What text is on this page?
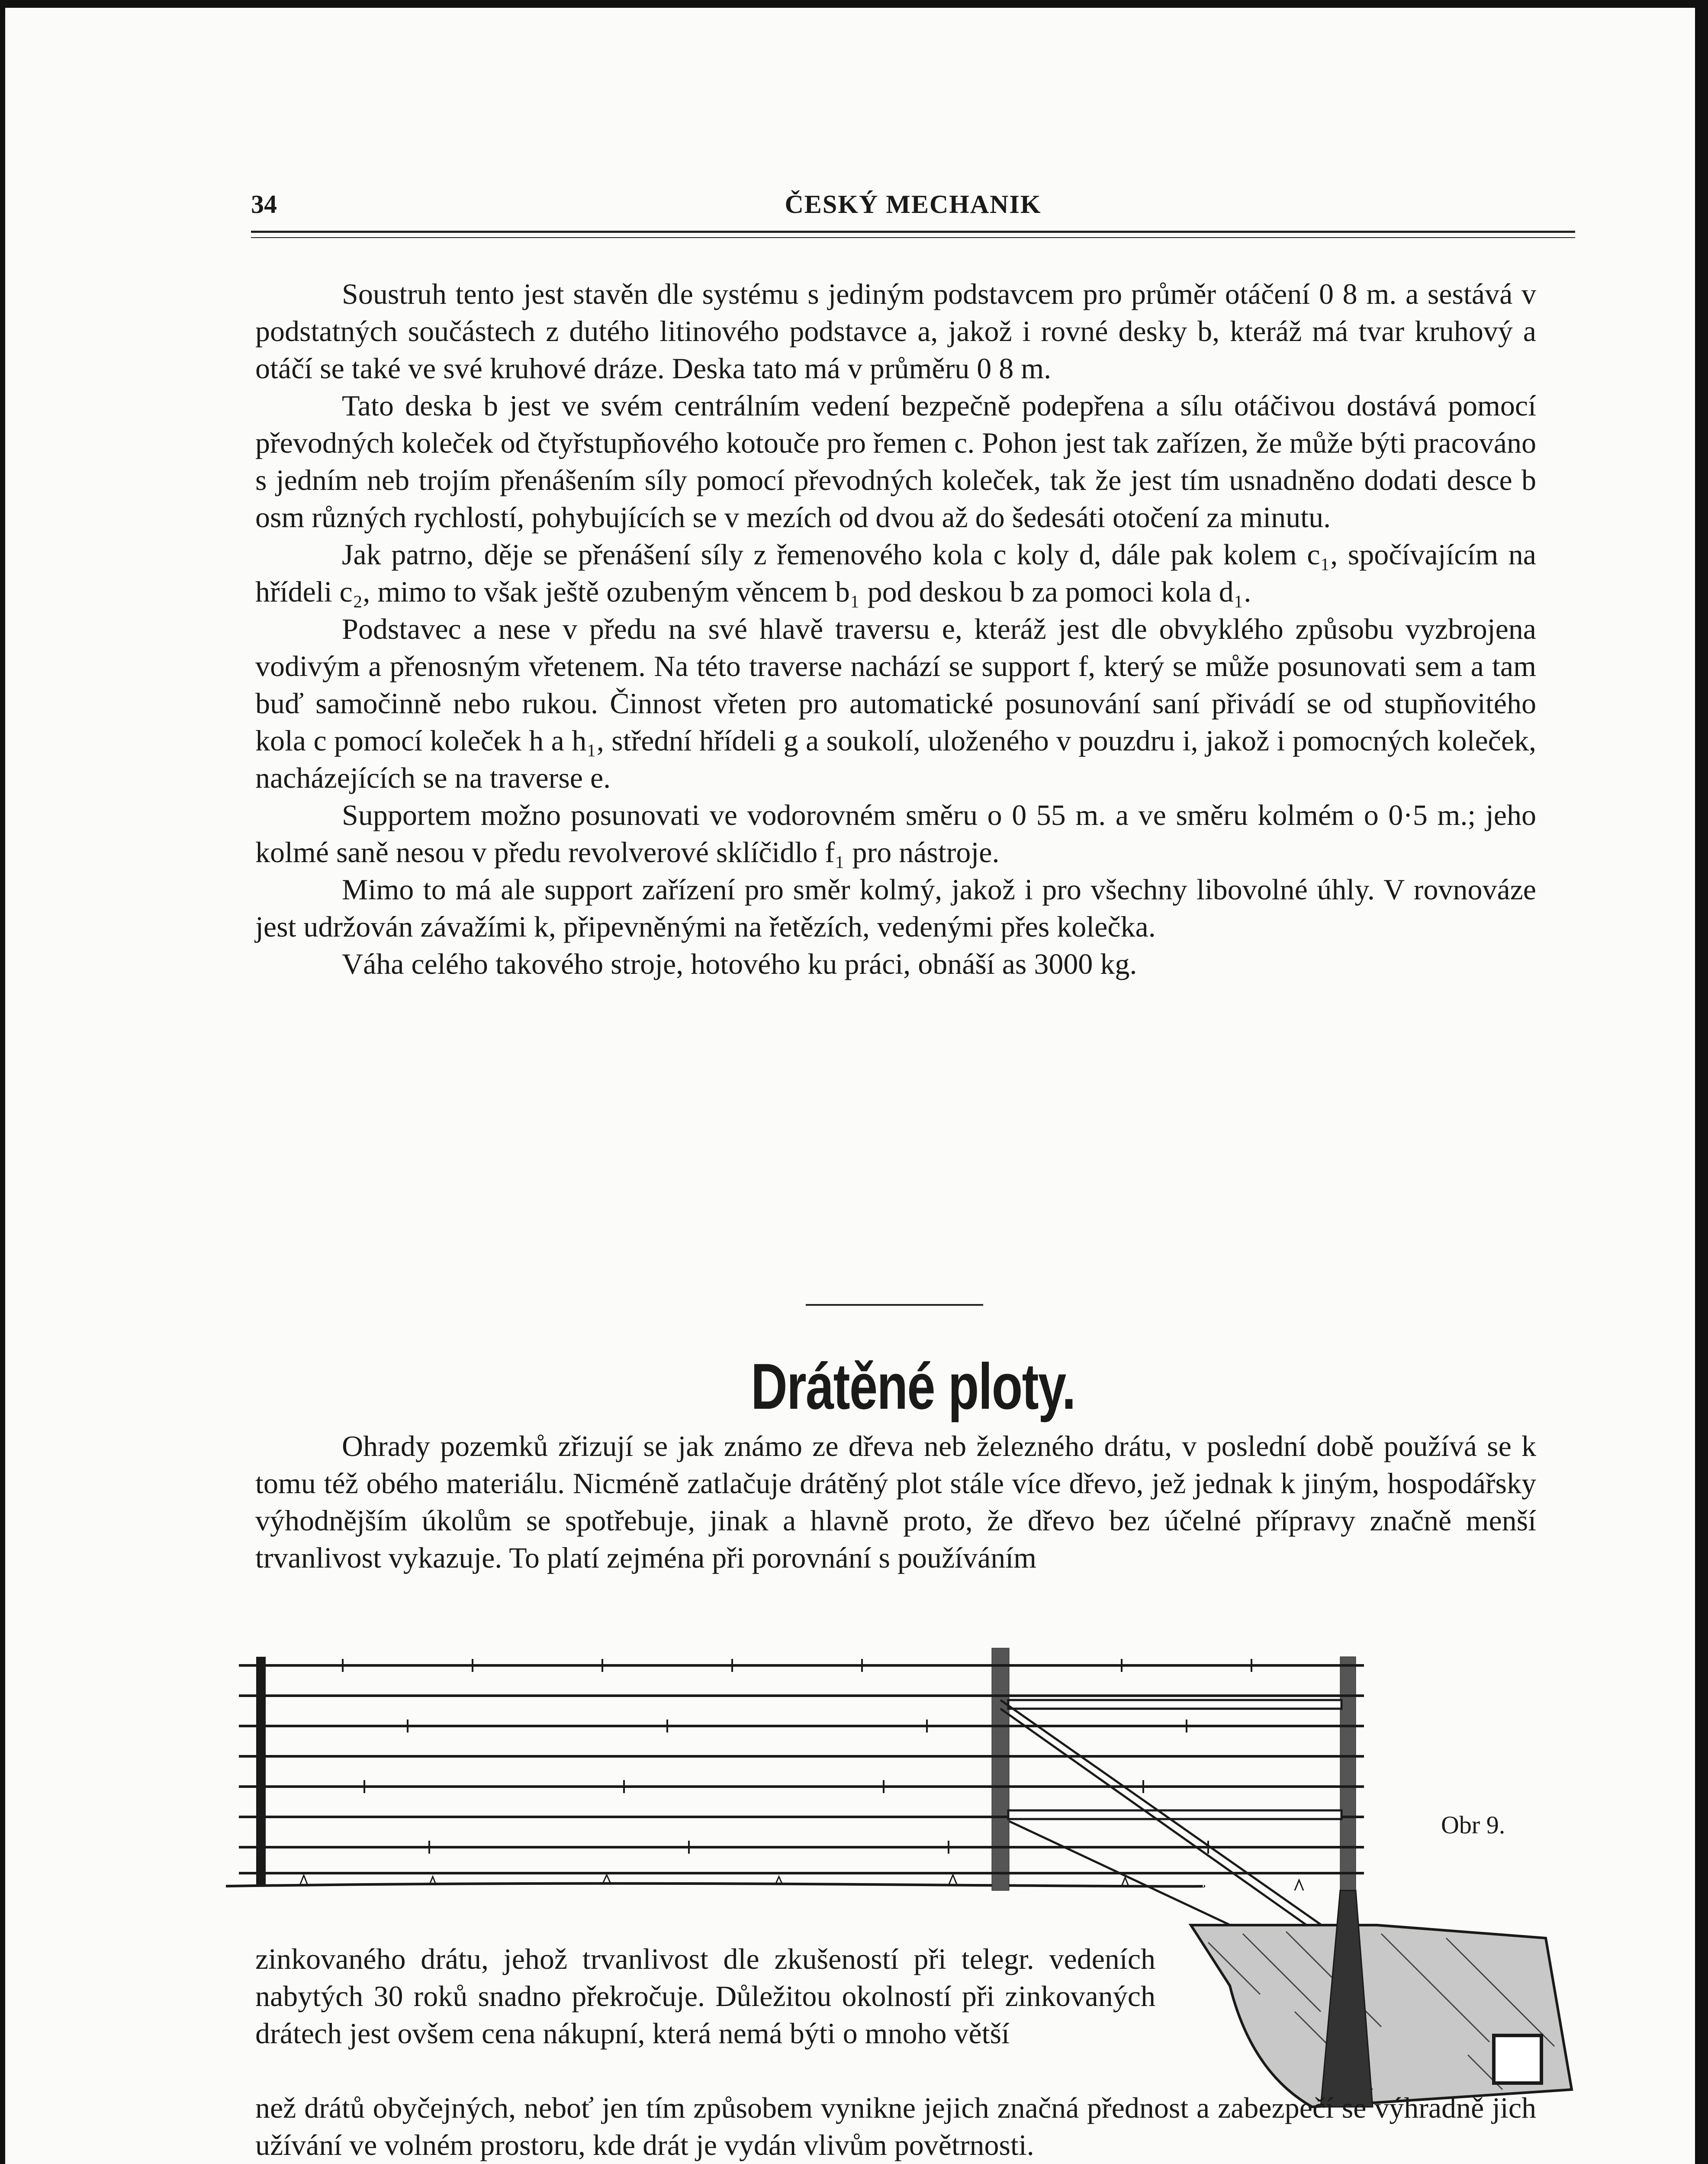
34	ČESKÝ MECHANIK

Soustruh tento jest stavěn dle systému s jediným podstavcem pro průměr otáčení 0 8 m. a sestává v podstatných součástech z dutého litinového podstavce a, jakož i rovné desky b, kteráž má tvar kruhový a otáčí se také ve své kruhové dráze. Deska tato má v průměru 0 8 m.

Tato deska b jest ve svém centrálním vedení bezpečně podepřena a sílu otáčivou dostává pomocí převodných koleček od čtyřstupňového kotouče pro řemen c. Pohon jest tak zařízen, že může býti pracováno s jedním neb trojím přenášením síly pomocí převodných koleček, tak že jest tím usnadněno dodati desce b osm různých rychlostí, pohybujících se v mezích od dvou až do šedesáti otočení za minutu.

Jak patrno, děje se přenášení síly z řemenového kola c koly d, dále pak kolem c₁, spočívajícím na hřídeli c₂, mimo to však ještě ozubeným věncem b₁ pod deskou b za pomoci kola d₁.

Podstavec a nese v předu na své hlavě traversu e, kteráž jest dle obvyklého způsobu vyzbrojena vodivým a přenosným vřetenem. Na této traverse nachází se support f, který se může posunovati sem a tam buď samočinně nebo rukou. Činnost vřeten pro automatické posunování saní přivádí se od stupňovitého kola c pomocí koleček h a h₁, střední hřídeli g a soukolí, uloženého v pouzdru i, jakož i pomocných koleček, nacházejících se na traverse e.

Supportem možno posunovati ve vodorovném směru o 0 55 m. a ve směru kolmém o 0·5 m.; jeho kolmé saně nesou v předu revolverové sklíčidlo f₁ pro nástroje.

Mimo to má ale support zařízení pro směr kolmý, jakož i pro všechny libovolné úhly. V rovnováze jest udržován závažími k, připevněnými na řetězích, vedenými přes kolečka.

Váha celého takového stroje, hotového ku práci, obnáší as 3000 kg.

Drátěné ploty.

Ohrady pozemků zřizují se jak známo ze dřeva neb železného drátu, v poslední době používá se k tomu též obého materiálu. Nicméně zatlačuje drátěný plot stále více dřevo, jež jednak k jiným, hospodářsky výhodnějším úkolům se spotřebuje, jinak a hlavně proto, že dřevo bez účelné přípravy značně menší trvanlivost vykazuje. To platí zejména při porovnání s používáním

Obr 9.

zinkovaného drátu, jehož trvanlivost dle zkušeností při telegr. vedeních nabytých 30 roků snadno překročuje. Důležitou okolností při zinkovaných drátech jest ovšem cena nákupní, která nemá býti o mnoho větší

než drátů obyčejných, neboť jen tím způsobem vynikne jejich značná přednost a zabezpečí se výhradně jich užívání ve volném prostoru, kde drát je vydán vlivům povětrnosti.
